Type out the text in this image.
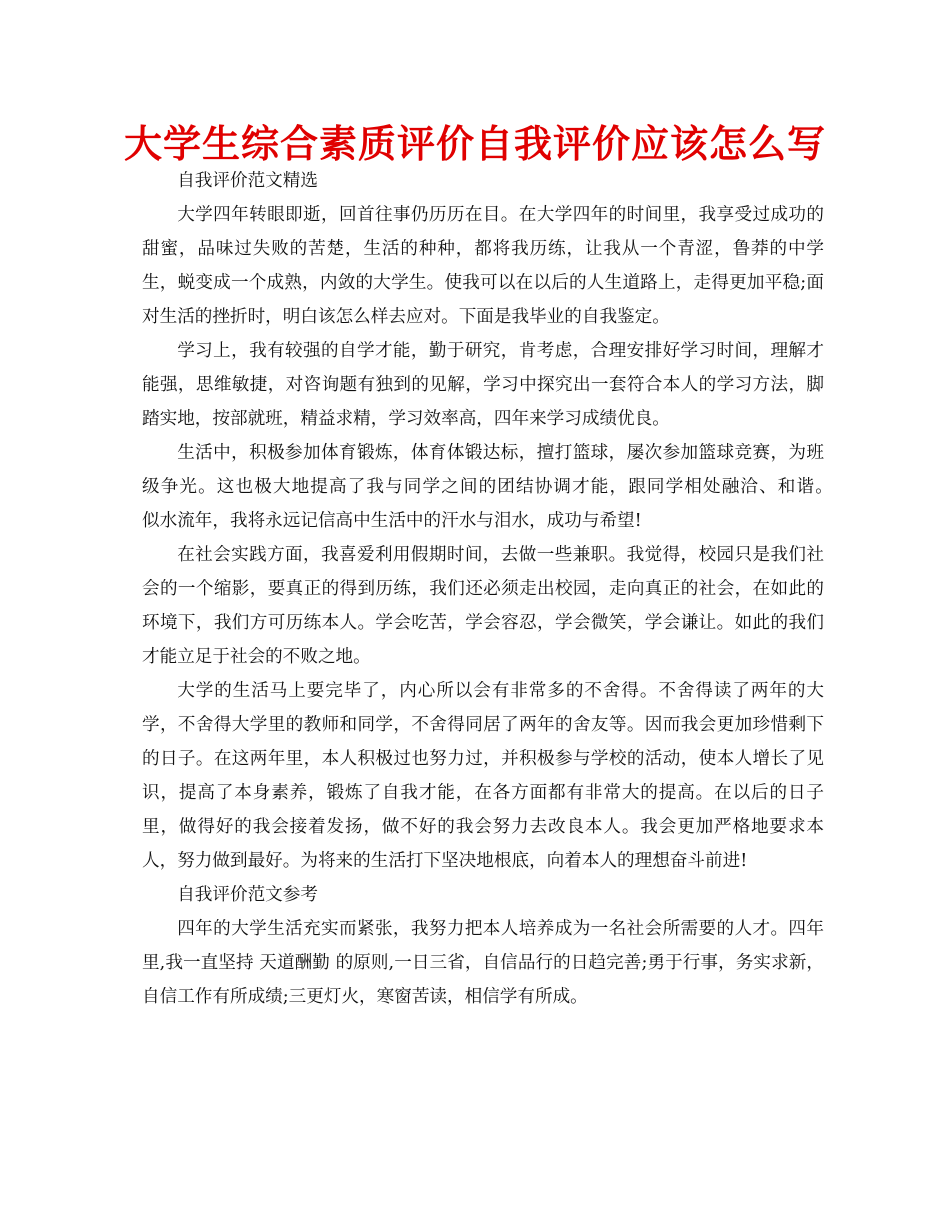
大学生综合素质评价自我评价应该怎么写

自我评价范文精选

大学四年转眼即逝，回首往事仍历历在目。在大学四年的时间里，我享受过成功的甜蜜，品味过失败的苦楚，生活的种种，都将我历练，让我从一个青涩，鲁莽的中学生，蜕变成一个成熟，内敛的大学生。使我可以在以后的人生道路上，走得更加平稳;面对生活的挫折时，明白该怎么样去应对。下面是我毕业的自我鉴定。

学习上，我有较强的自学才能，勤于研究，肯考虑，合理安排好学习时间，理解才能强，思维敏捷，对咨询题有独到的见解，学习中探究出一套符合本人的学习方法，脚踏实地，按部就班，精益求精，学习效率高，四年来学习成绩优良。

生活中，积极参加体育锻炼，体育体锻达标，擅打篮球，屡次参加篮球竞赛，为班级争光。这也极大地提高了我与同学之间的团结协调才能，跟同学相处融洽、和谐。　　似水流年，我将永远记信高中生活中的汗水与泪水，成功与希望!

在社会实践方面，我喜爱利用假期时间，去做一些兼职。我觉得，校园只是我们社会的一个缩影，要真正的得到历练，我们还必须走出校园，走向真正的社会，在如此的环境下，我们方可历练本人。学会吃苦，学会容忍，学会微笑，学会谦让。如此的我们才能立足于社会的不败之地。

大学的生活马上要完毕了，内心所以会有非常多的不舍得。不舍得读了两年的大学，不舍得大学里的教师和同学，不舍得同居了两年的舍友等。因而我会更加珍惜剩下的日子。在这两年里，本人积极过也努力过，并积极参与学校的活动，使本人增长了见识，提高了本身素养，锻炼了自我才能，在各方面都有非常大的提高。在以后的日子里，做得好的我会接着发扬，做不好的我会努力去改良本人。我会更加严格地要求本人，努力做到最好。为将来的生活打下坚决地根底，向着本人的理想奋斗前进!

自我评价范文参考

四年的大学生活充实而紧张，我努力把本人培养成为一名社会所需要的人才。四年里,我一直坚持 天道酬勤 的原则,一日三省，自信品行的日趋完善;勇于行事，务实求新，自信工作有所成绩;三更灯火，寒窗苦读，相信学有所成。
